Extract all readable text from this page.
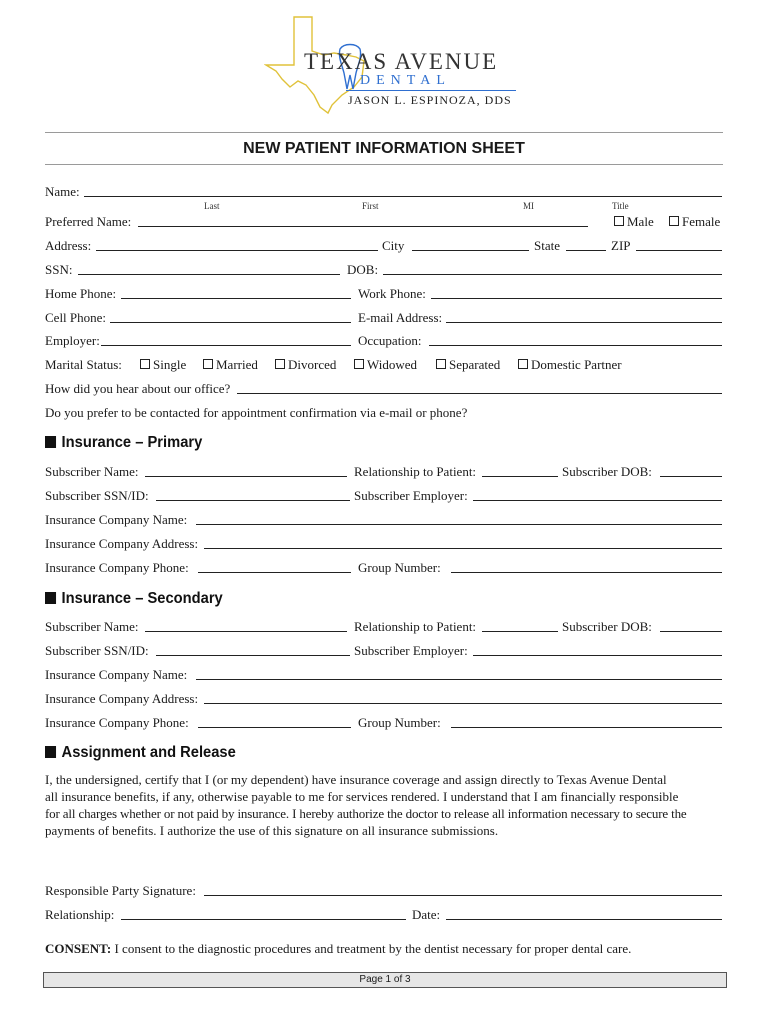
TEXAS AVENUE
DENTAL
JASON L. ESPINOZA, DDS
NEW PATIENT INFORMATION SHEET
Name:
Last	First	MI	Title
Preferred Name:	Male	Female
Address:	City	State	ZIP
SSN:	DOB:
Home Phone:	Work Phone:
Cell Phone:	E-mail Address:
Employer:	Occupation:
Marital Status:	Single	Married	Divorced	Widowed	Separated	Domestic Partner
How did you hear about our office?
Do you prefer to be contacted for appointment confirmation via e-mail or phone?
Insurance – Primary
Subscriber Name:	Relationship to Patient:	Subscriber DOB:
Subscriber SSN/ID:	Subscriber Employer:
Insurance Company Name:
Insurance Company Address:
Insurance Company Phone:	Group Number:
Insurance – Secondary
Subscriber Name:	Relationship to Patient:	Subscriber DOB:
Subscriber SSN/ID:	Subscriber Employer:
Insurance Company Name:
Insurance Company Address:
Insurance Company Phone:	Group Number:
Assignment and Release
I, the undersigned, certify that I (or my dependent) have insurance coverage and assign directly to Texas Avenue Dental
all insurance benefits, if any, otherwise payable to me for services rendered. I understand that I am financially responsible
for all charges whether or not paid by insurance. I hereby authorize the doctor to release all information necessary to secure the
payments of benefits. I authorize the use of this signature on all insurance submissions.
Responsible Party Signature:
Relationship:	Date:
CONSENT: I consent to the diagnostic procedures and treatment by the dentist necessary for proper dental care.
Page 1 of 3
